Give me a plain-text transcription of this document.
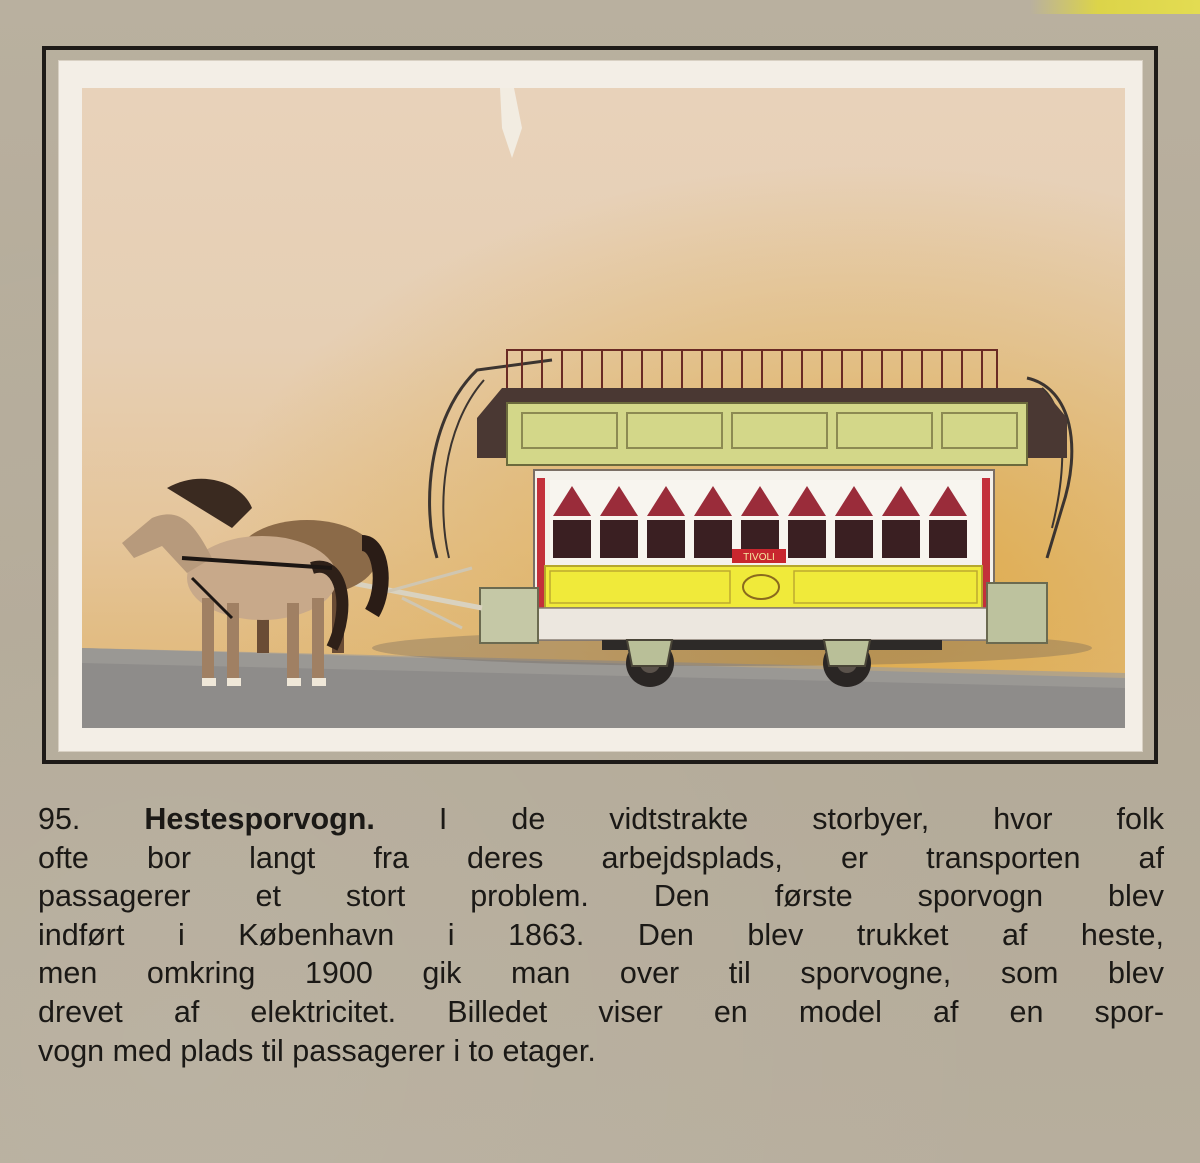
TIVOLI
95. Hestesporvogn. I de vidtstrakte storbyer, hvor folk
ofte bor langt fra deres arbejdsplads, er transporten af
passagerer et stort problem. Den første sporvogn blev
indført i København i 1863. Den blev trukket af heste,
men omkring 1900 gik man over til sporvogne, som blev
drevet af elektricitet. Billedet viser en model af en spor-
vogn med plads til passagerer i to etager.
